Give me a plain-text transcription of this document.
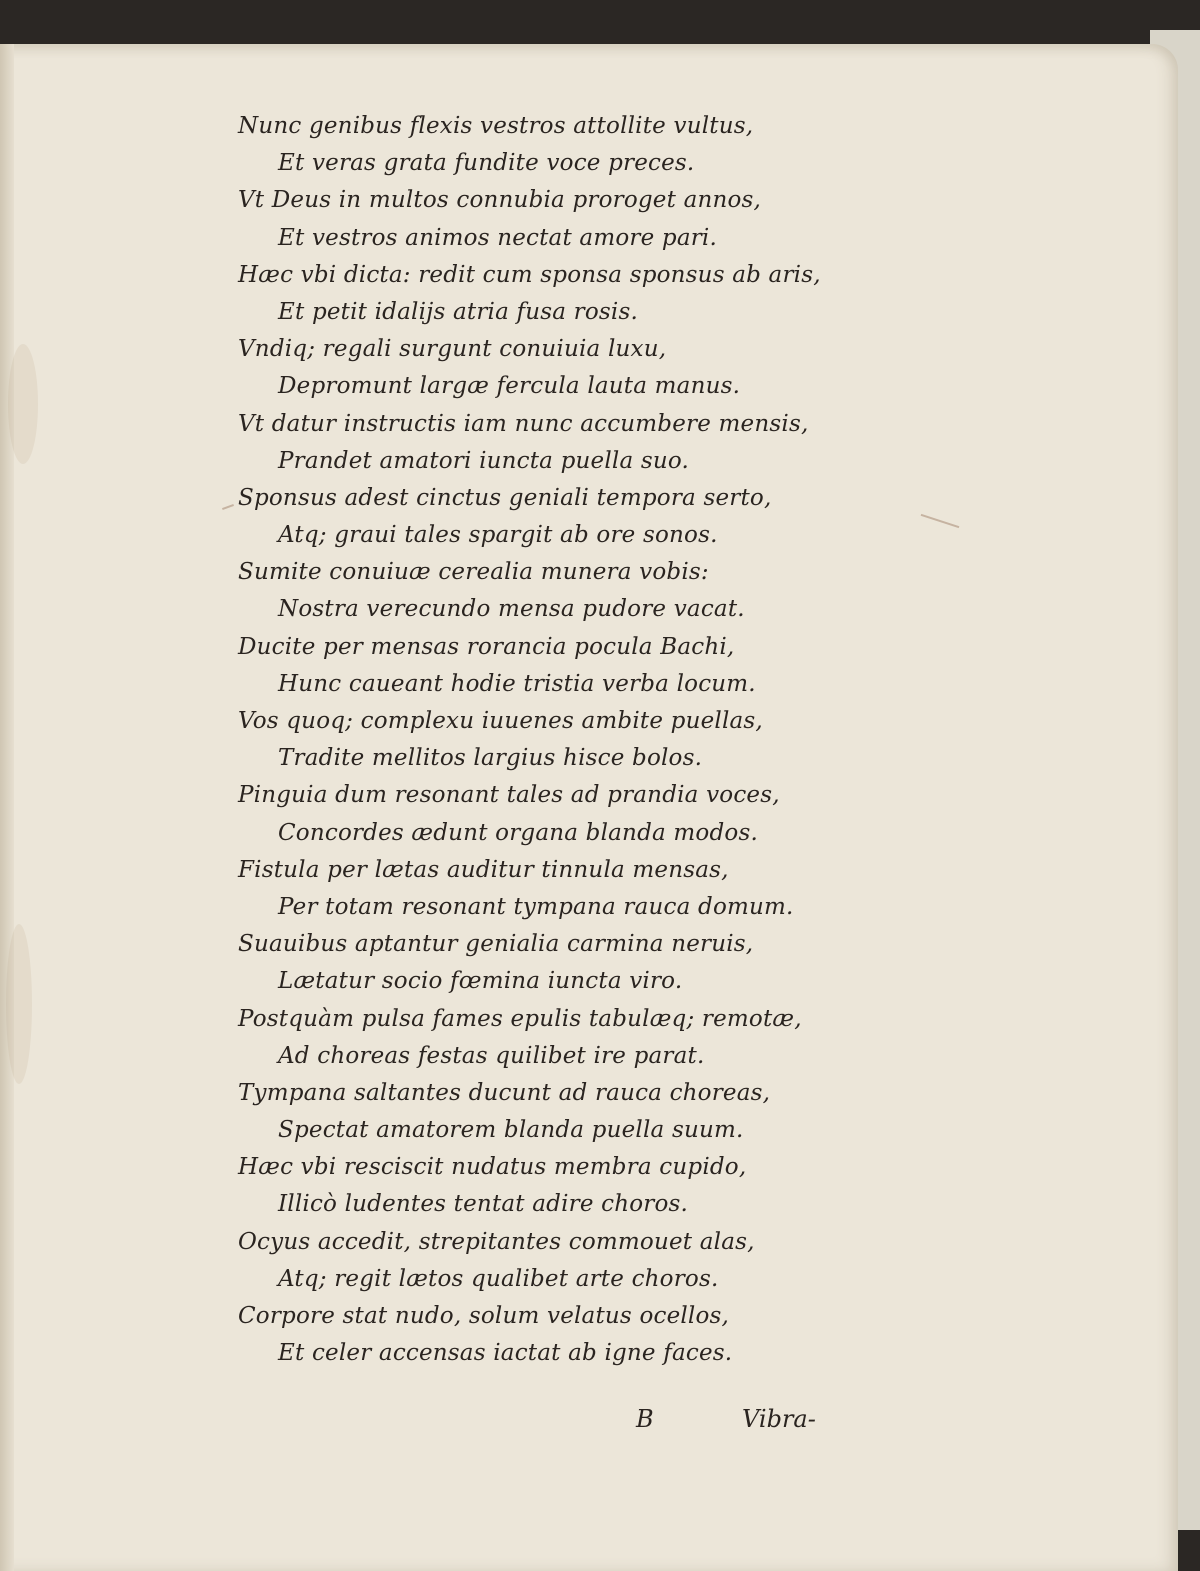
Nunc genibus flexis vestros attollite vultus,
Et veras grata fundite voce preces.
Vt Deus in multos connubia proroget annos,
Et vestros animos nectat amore pari.
Hæc vbi dicta: redit cum sponsa sponsus ab aris,
Et petit idalijs atria fusa rosis.
Vndiq; regali surgunt conuiuia luxu,
Depromunt largæ fercula lauta manus.
Vt datur instructis iam nunc accumbere mensis,
Prandet amatori iuncta puella suo.
Sponsus adest cinctus geniali tempora serto,
Atq; graui tales spargit ab ore sonos.
Sumite conuiuæ cerealia munera vobis:
Nostra verecundo mensa pudore vacat.
Ducite per mensas rorancia pocula Bachi,
Hunc caueant hodie tristia verba locum.
Vos quoq; complexu iuuenes ambite puellas,
Tradite mellitos largius hisce bolos.
Pinguia dum resonant tales ad prandia voces,
Concordes ædunt organa blanda modos.
Fistula per lætas auditur tinnula mensas,
Per totam resonant tympana rauca domum.
Suauibus aptantur genialia carmina neruis,
Lætatur socio fœmina iuncta viro.
Postquàm pulsa fames epulis tabulæq; remotæ,
Ad choreas festas quilibet ire parat.
Tympana saltantes ducunt ad rauca choreas,
Spectat amatorem blanda puella suum.
Hæc vbi resciscit nudatus membra cupido,
Illicò ludentes tentat adire choros.
Ocyus accedit, strepitantes commouet alas,
Atq; regit lætos qualibet arte choros.
Corpore stat nudo, solum velatus ocellos,
Et celer accensas iactat ab igne faces.
B	Vibra-
